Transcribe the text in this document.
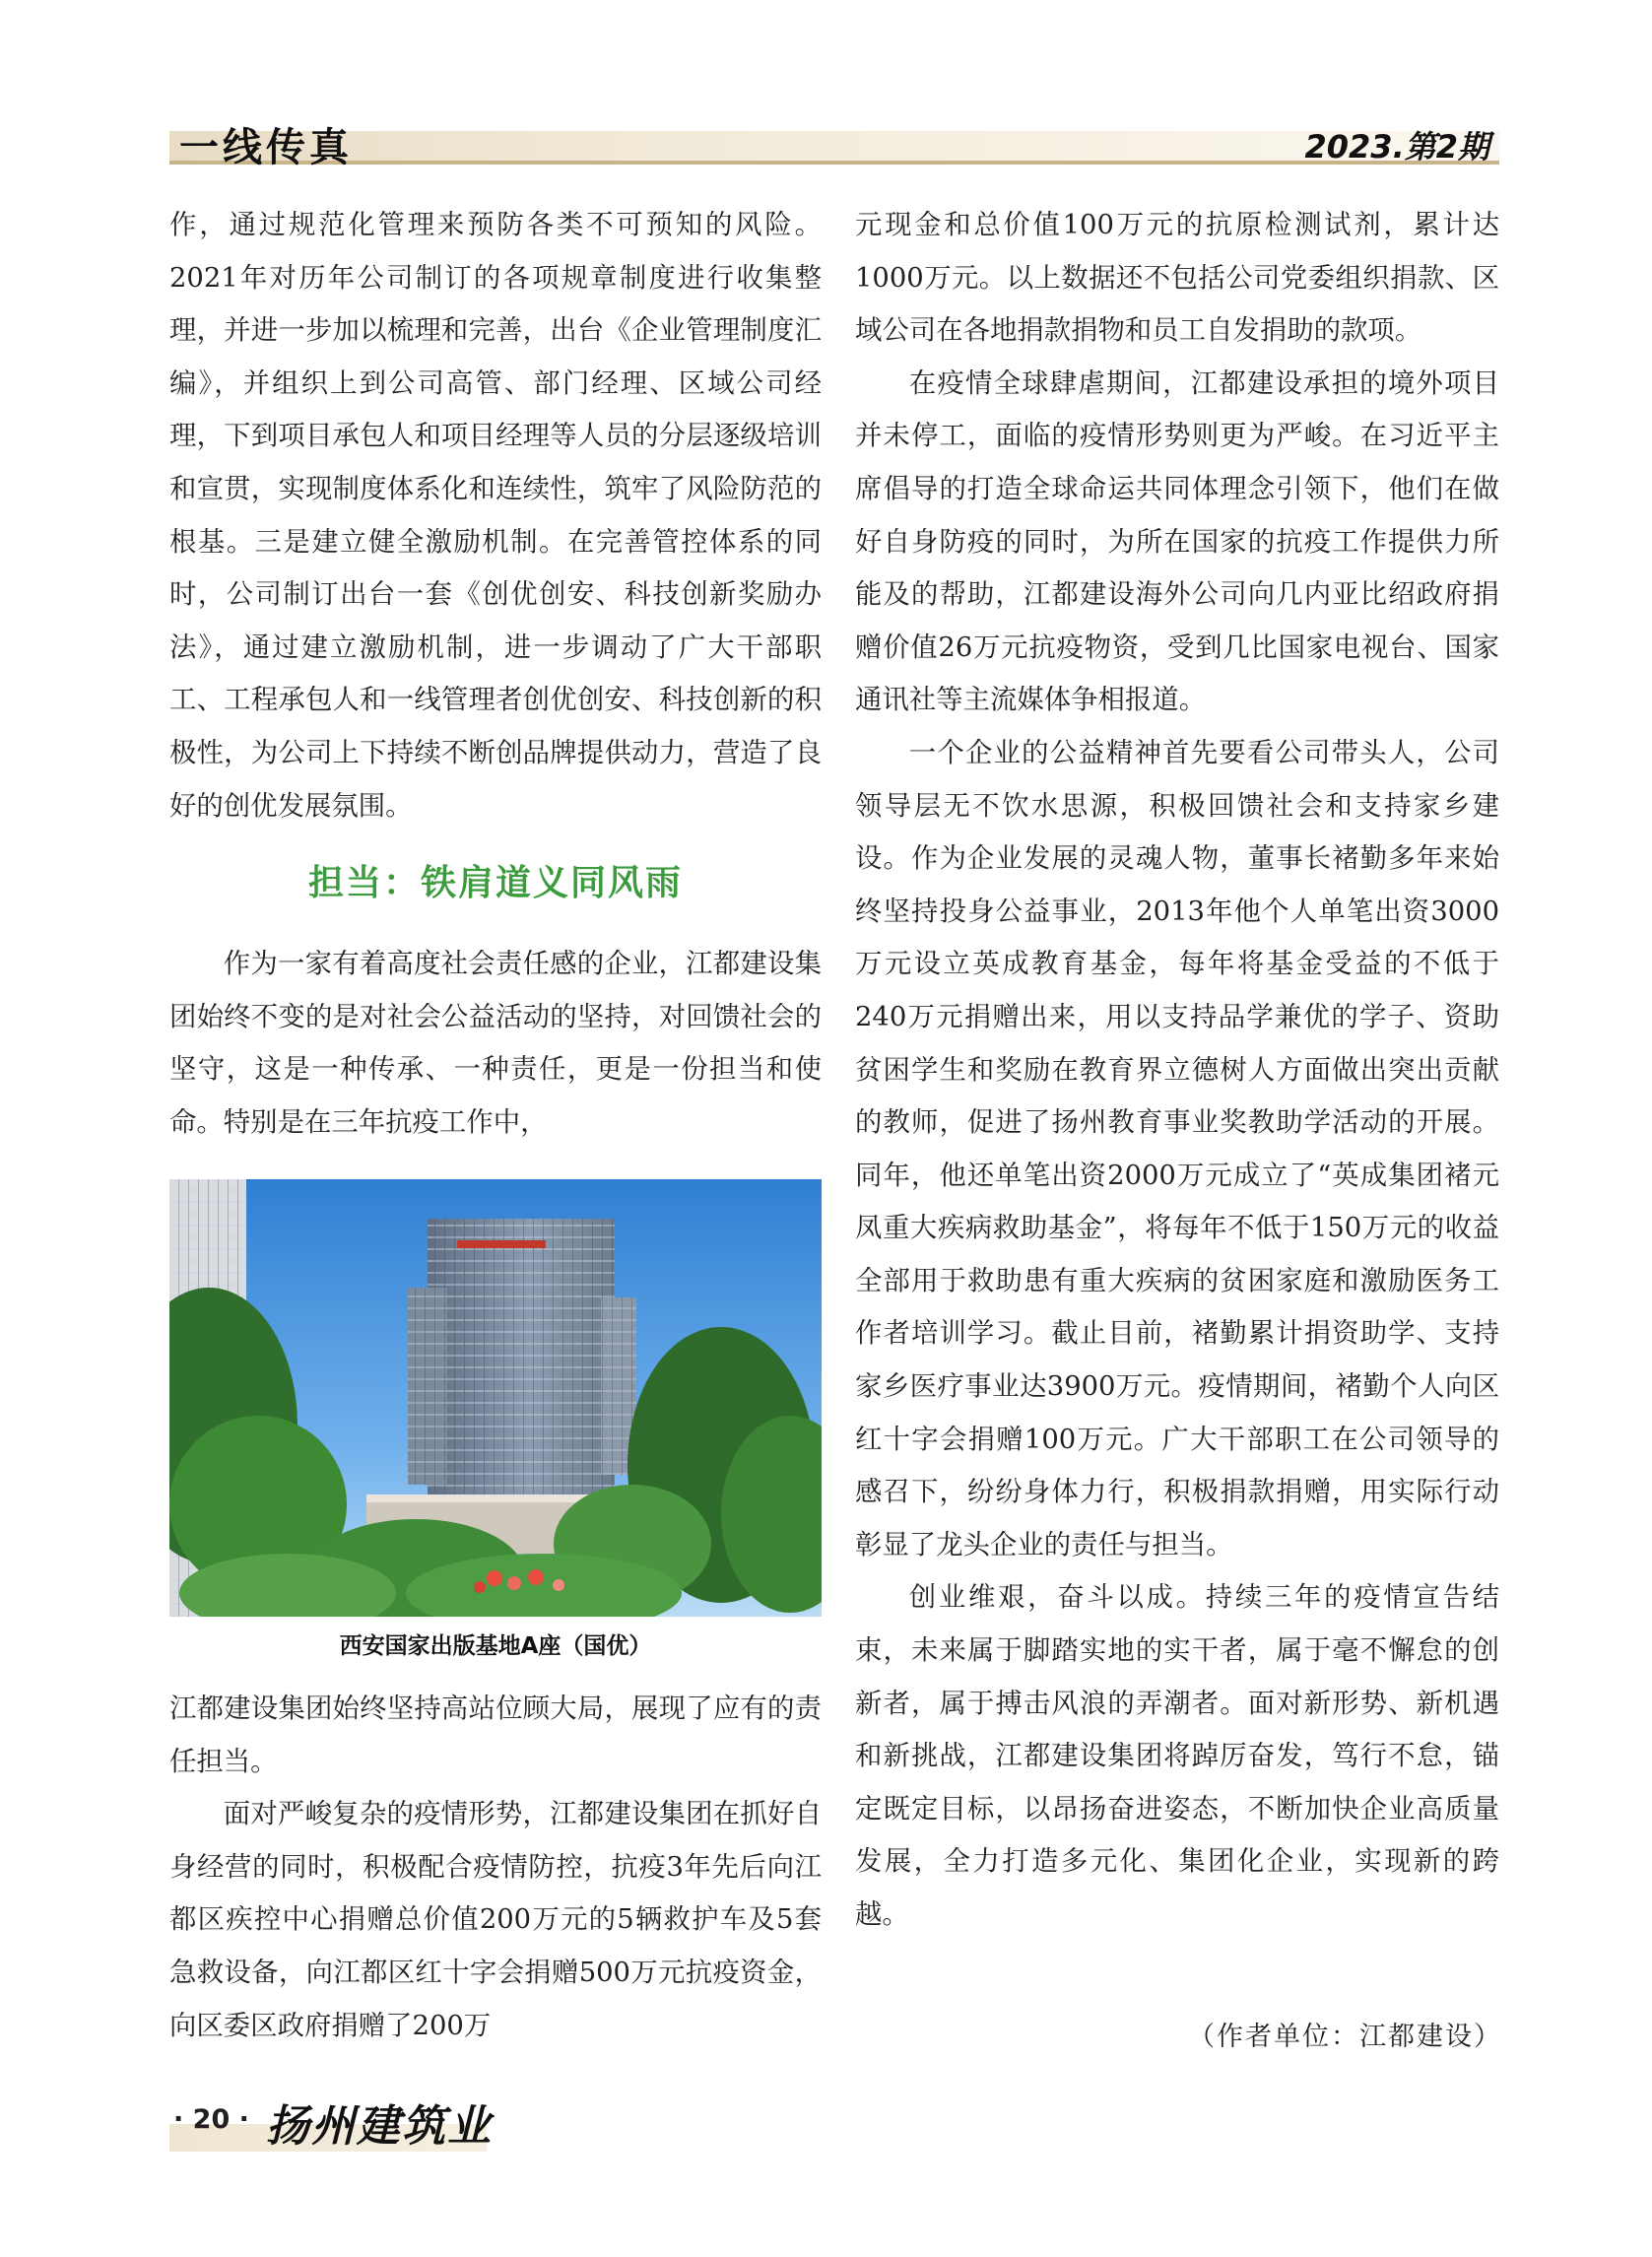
一线传真	2023.第2期

作，通过规范化管理来预防各类不可预知的风险。2021年对历年公司制订的各项规章制度进行收集整理，并进一步加以梳理和完善，出台《企业管理制度汇编》，并组织上到公司高管、部门经理、区域公司经理，下到项目承包人和项目经理等人员的分层逐级培训和宣贯，实现制度体系化和连续性，筑牢了风险防范的根基。三是建立健全激励机制。在完善管控体系的同时，公司制订出台一套《创优创安、科技创新奖励办法》，通过建立激励机制，进一步调动了广大干部职工、工程承包人和一线管理者创优创安、科技创新的积极性，为公司上下持续不断创品牌提供动力，营造了良好的创优发展氛围。

担当：铁肩道义同风雨

作为一家有着高度社会责任感的企业，江都建设集团始终不变的是对社会公益活动的坚持，对回馈社会的坚守，这是一种传承、一种责任，更是一份担当和使命。特别是在三年抗疫工作中，

西安国家出版基地A座（国优）

江都建设集团始终坚持高站位顾大局，展现了应有的责任担当。

面对严峻复杂的疫情形势，江都建设集团在抓好自身经营的同时，积极配合疫情防控，抗疫3年先后向江都区疾控中心捐赠总价值200万元的5辆救护车及5套急救设备，向江都区红十字会捐赠500万元抗疫资金，向区委区政府捐赠了200万

元现金和总价值100万元的抗原检测试剂，累计达1000万元。以上数据还不包括公司党委组织捐款、区域公司在各地捐款捐物和员工自发捐助的款项。

在疫情全球肆虐期间，江都建设承担的境外项目并未停工，面临的疫情形势则更为严峻。在习近平主席倡导的打造全球命运共同体理念引领下，他们在做好自身防疫的同时，为所在国家的抗疫工作提供力所能及的帮助，江都建设海外公司向几内亚比绍政府捐赠价值26万元抗疫物资，受到几比国家电视台、国家通讯社等主流媒体争相报道。

一个企业的公益精神首先要看公司带头人，公司领导层无不饮水思源，积极回馈社会和支持家乡建设。作为企业发展的灵魂人物，董事长褚勤多年来始终坚持投身公益事业，2013年他个人单笔出资3000万元设立英成教育基金，每年将基金受益的不低于240万元捐赠出来，用以支持品学兼优的学子、资助贫困学生和奖励在教育界立德树人方面做出突出贡献的教师，促进了扬州教育事业奖教助学活动的开展。同年，他还单笔出资2000万元成立了“英成集团褚元凤重大疾病救助基金”，将每年不低于150万元的收益全部用于救助患有重大疾病的贫困家庭和激励医务工作者培训学习。截止目前，褚勤累计捐资助学、支持家乡医疗事业达3900万元。疫情期间，褚勤个人向区红十字会捐赠100万元。广大干部职工在公司领导的感召下，纷纷身体力行，积极捐款捐赠，用实际行动彰显了龙头企业的责任与担当。

创业维艰，奋斗以成。持续三年的疫情宣告结束，未来属于脚踏实地的实干者，属于毫不懈怠的创新者，属于搏击风浪的弄潮者。面对新形势、新机遇和新挑战，江都建设集团将踔厉奋发，笃行不怠，锚定既定目标，以昂扬奋进姿态，不断加快企业高质量发展，全力打造多元化、集团化企业，实现新的跨越。

（作者单位：江都建设）
· 20 · 扬州建筑业
